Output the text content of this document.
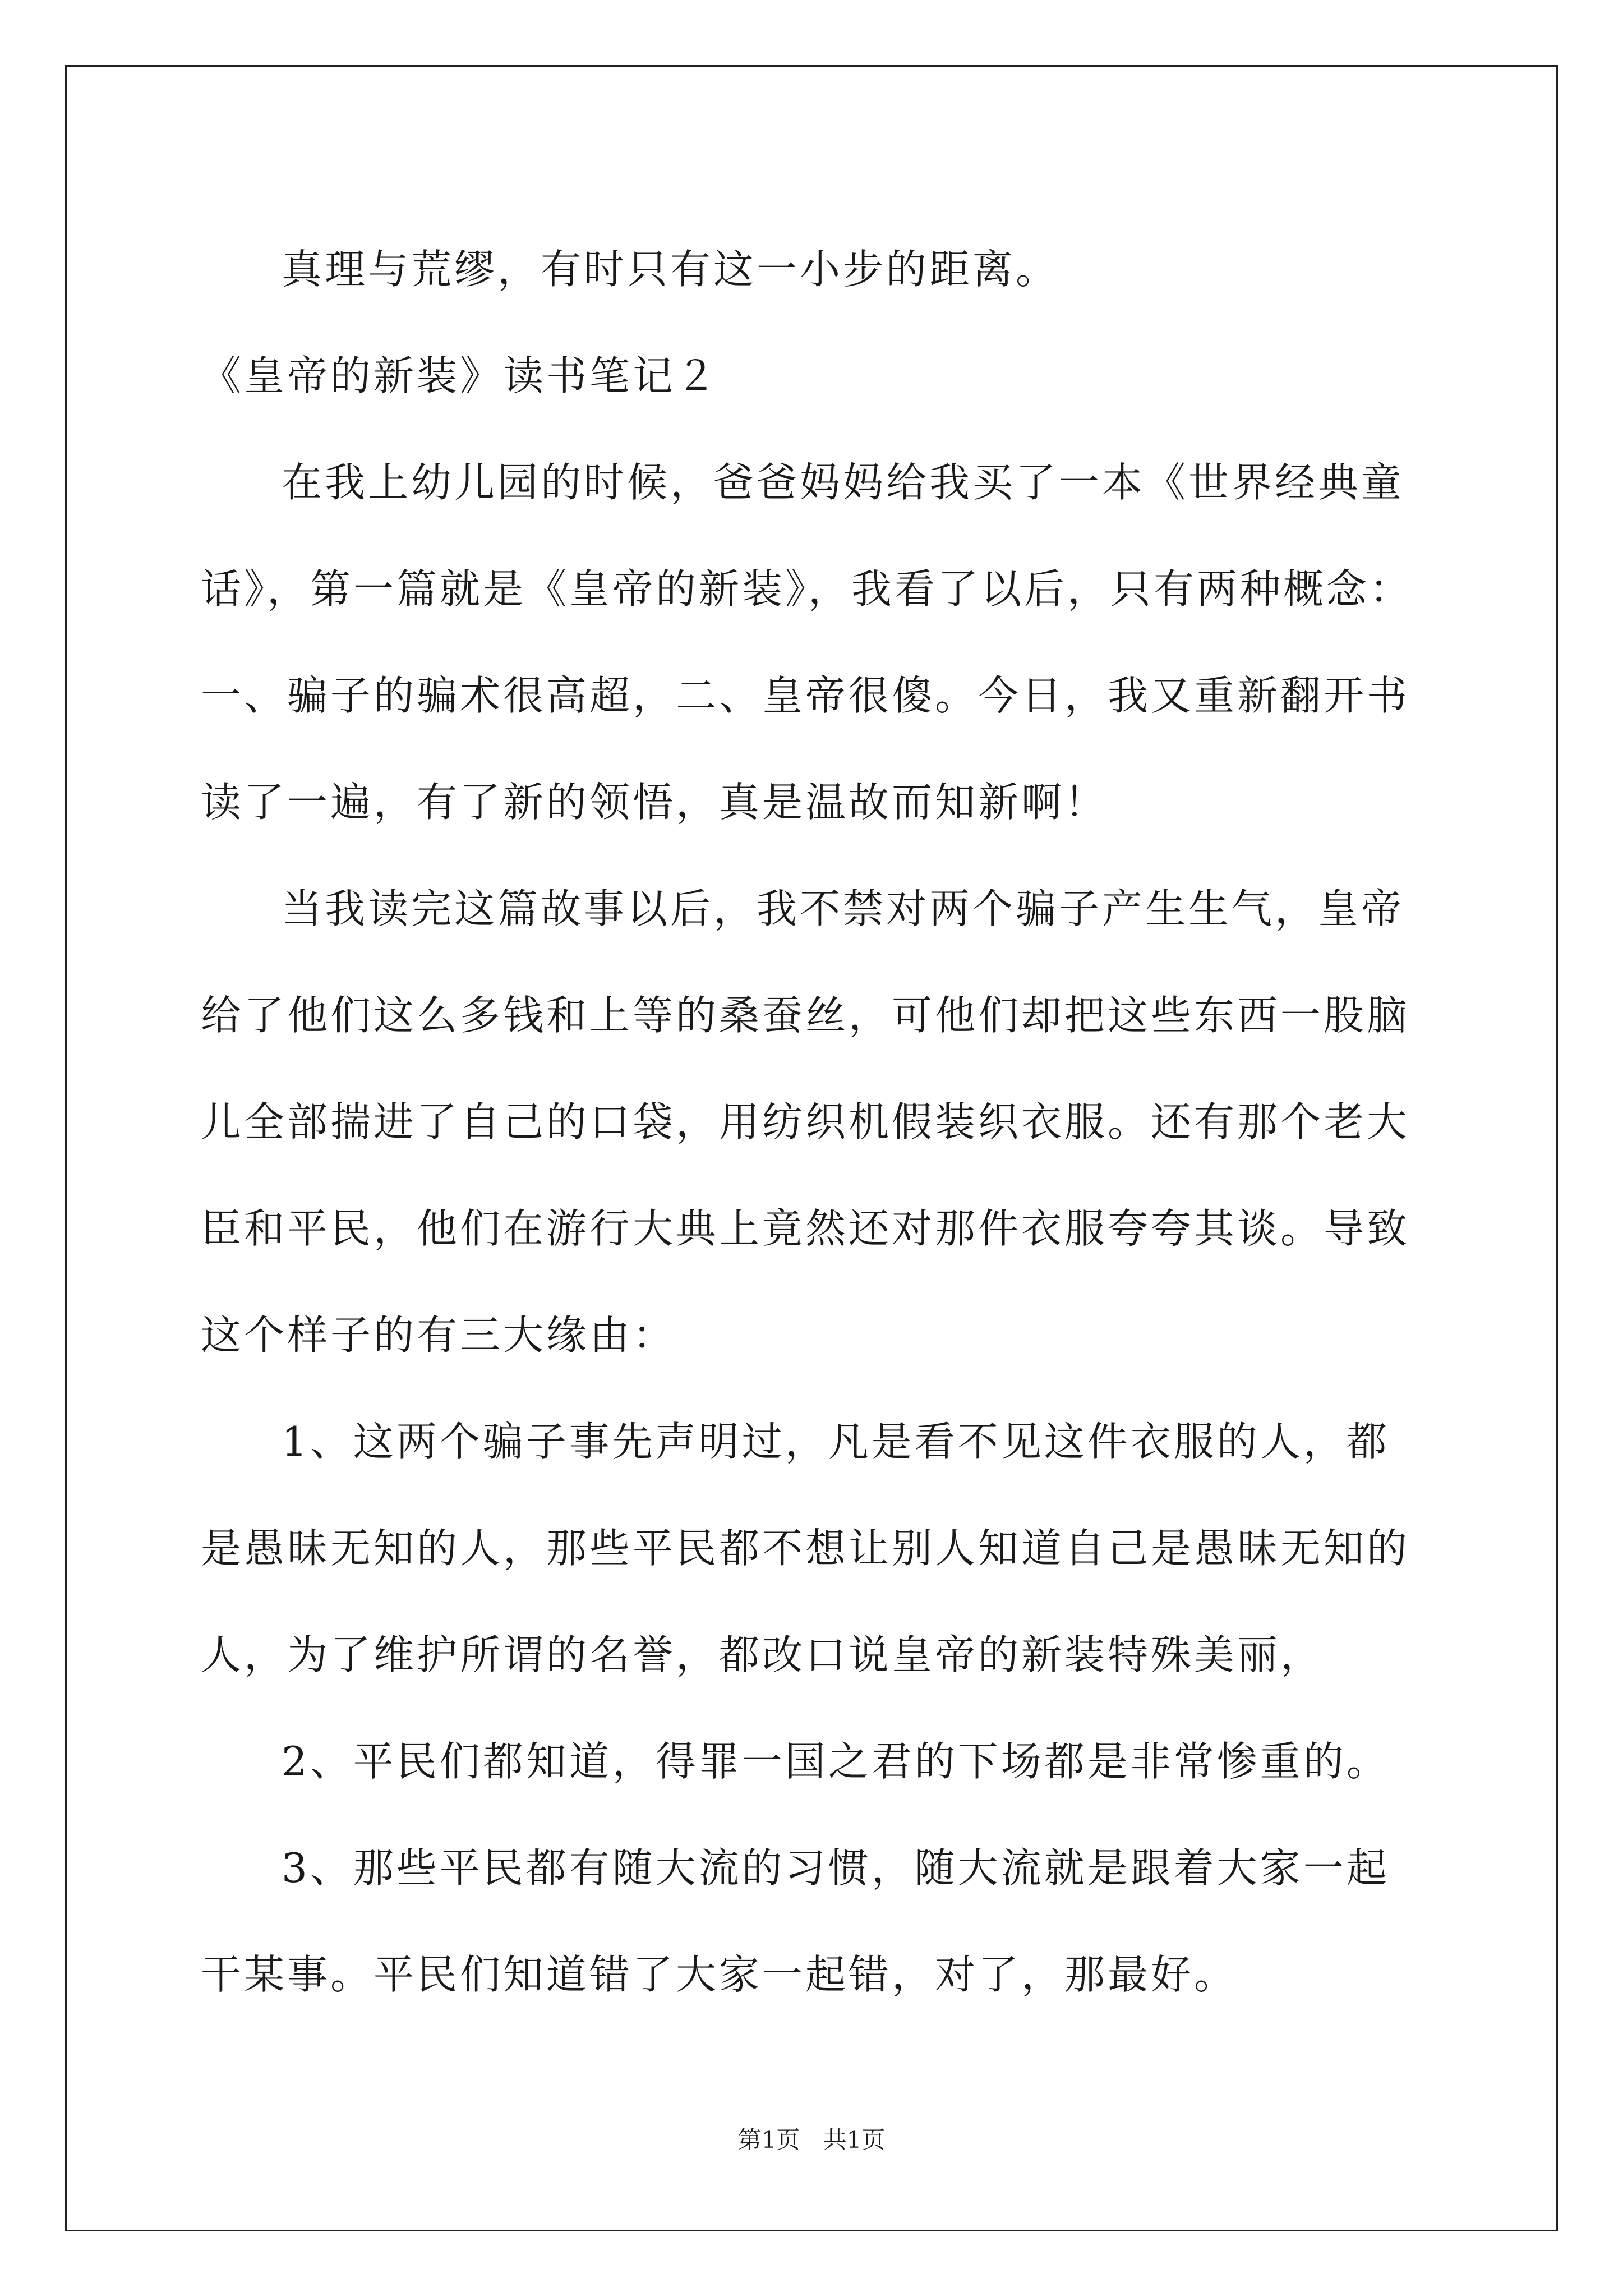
真理与荒缪，有时只有这一小步的距离。

《皇帝的新装》读书笔记２

在我上幼儿园的时候，爸爸妈妈给我买了一本《世界经典童话》，第一篇就是《皇帝的新装》，我看了以后，只有两种概念：一、骗子的骗术很高超，二、皇帝很傻。今日，我又重新翻开书读了一遍，有了新的领悟，真是温故而知新啊！

当我读完这篇故事以后，我不禁对两个骗子产生生气，皇帝给了他们这么多钱和上等的桑蚕丝，可他们却把这些东西一股脑儿全部揣进了自己的口袋，用纺织机假装织衣服。还有那个老大臣和平民，他们在游行大典上竟然还对那件衣服夸夸其谈。导致这个样子的有三大缘由：

1、这两个骗子事先声明过，凡是看不见这件衣服的人，都是愚昧无知的人，那些平民都不想让别人知道自己是愚昧无知的人，为了维护所谓的名誉，都改口说皇帝的新装特殊美丽，

2、平民们都知道，得罪一国之君的下场都是非常惨重的。

3、那些平民都有随大流的习惯，随大流就是跟着大家一起干某事。平民们知道错了大家一起错，对了，那最好。

第1页 共1页
